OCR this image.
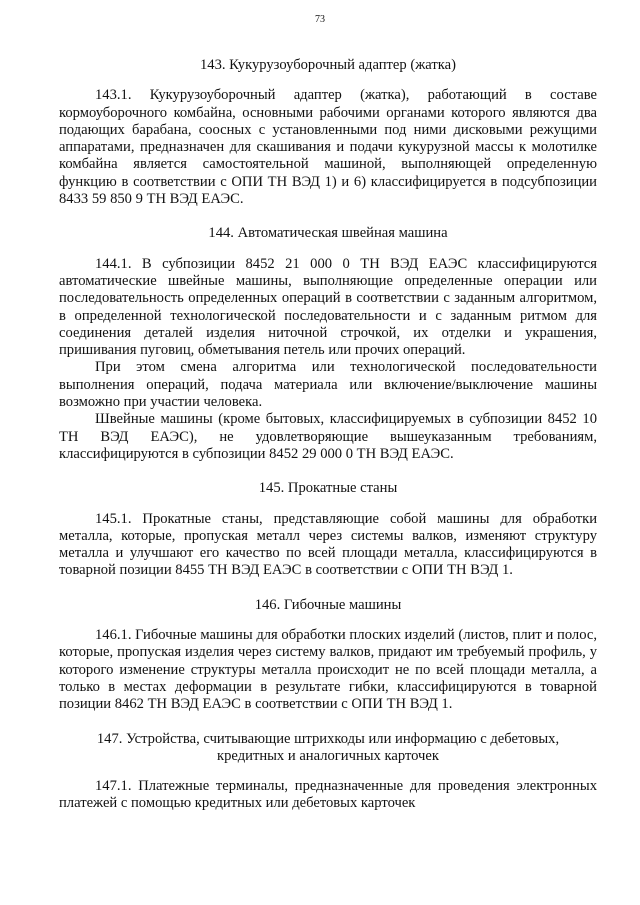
73

143. Кукурузоуборочный адаптер (жатка)

143.1. Кукурузоуборочный адаптер (жатка), работающий в составе кормоуборочного комбайна, основными рабочими органами которого являются два подающих барабана, соосных с установленными под ними дисковыми режущими аппаратами, предназначен для скашивания и подачи кукурузной массы к молотилке комбайна является самостоятельной машиной, выполняющей определенную функцию в соответствии с ОПИ ТН ВЭД 1) и 6) классифицируется в подсубпозиции 8433 59 850 9 ТН ВЭД ЕАЭС.

144. Автоматическая швейная машина

144.1. В субпозиции 8452 21 000 0 ТН ВЭД ЕАЭС классифицируются автоматические швейные машины, выполняющие определенные операции или последовательность определенных операций в соответствии с заданным алгоритмом, в определенной технологической последовательности и с заданным ритмом для соединения деталей изделия ниточной строчкой, их отделки и украшения, пришивания пуговиц, обметывания петель или прочих операций.

При этом смена алгоритма или технологической последовательности выполнения операций, подача материала или включение/выключение машины возможно при участии человека.

Швейные машины (кроме бытовых, классифицируемых в субпозиции 8452 10 ТН ВЭД ЕАЭС), не удовлетворяющие вышеуказанным требованиям, классифицируются в субпозиции 8452 29 000 0 ТН ВЭД ЕАЭС.

145. Прокатные станы

145.1. Прокатные станы, представляющие собой машины для обработки металла, которые, пропуская металл через системы валков, изменяют структуру металла и улучшают его качество по всей площади металла, классифицируются в товарной позиции 8455 ТН ВЭД ЕАЭС в соответствии с ОПИ ТН ВЭД 1.

146. Гибочные машины

146.1. Гибочные машины для обработки плоских изделий (листов, плит и полос, которые, пропуская изделия через систему валков, придают им требуемый профиль, у которого изменение структуры металла происходит не по всей площади металла, а только в местах деформации в результате гибки, классифицируются в товарной позиции 8462 ТН ВЭД ЕАЭС в соответствии с ОПИ ТН ВЭД 1.

147. Устройства, считывающие штрихкоды или информацию с дебетовых, кредитных и аналогичных карточек

147.1. Платежные терминалы, предназначенные для проведения электронных платежей с помощью кредитных или дебетовых карточек
